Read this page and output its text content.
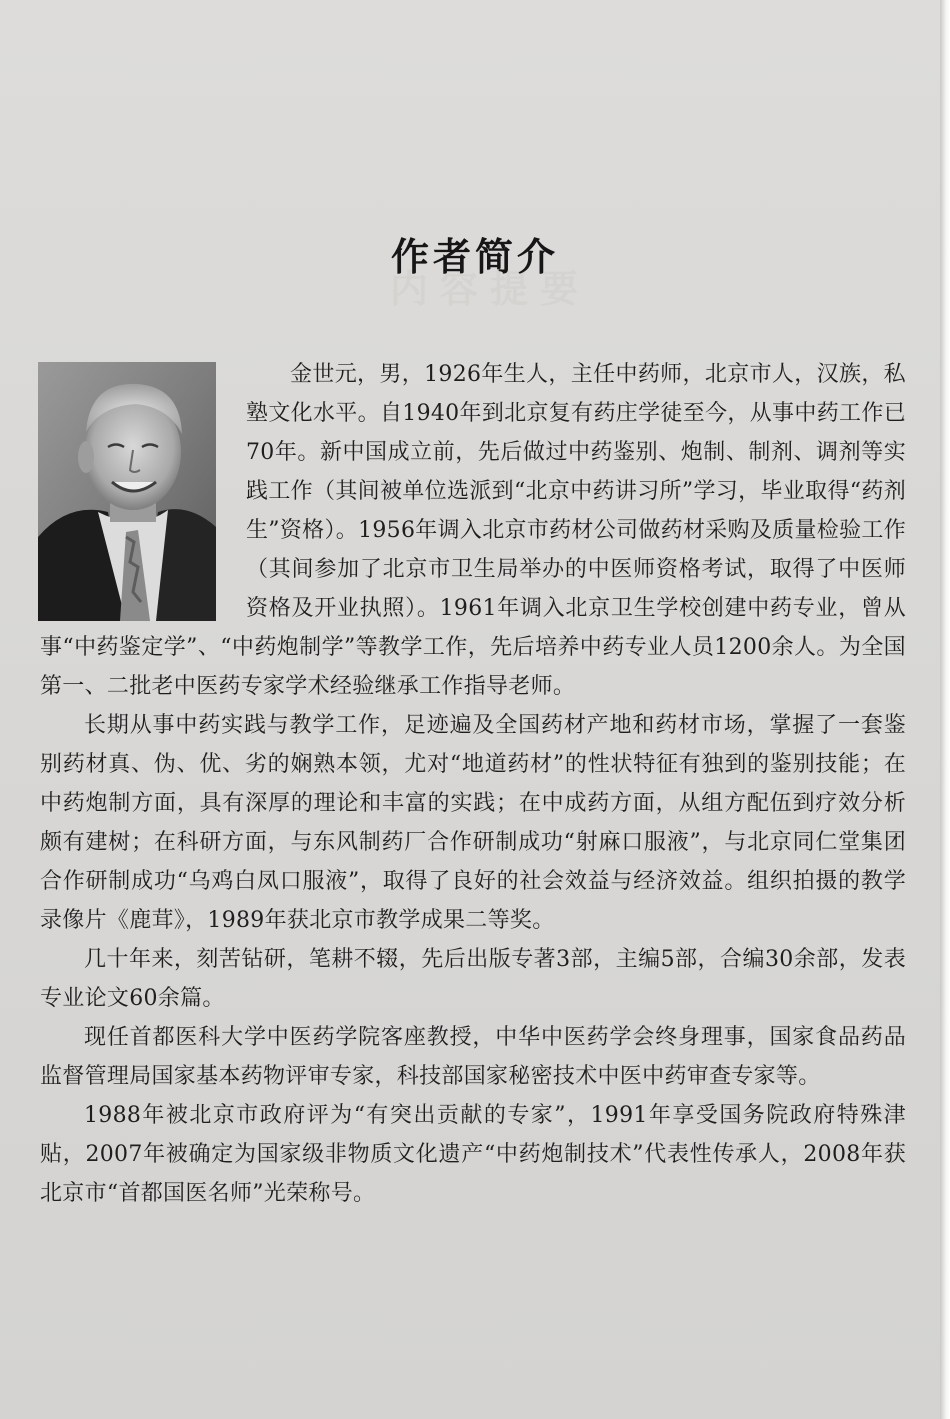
内容提要
作者简介

金世元，男，1926年生人，主任中药师，北京市人，汉族，私塾文化水平。自1940年到北京复有药庄学徒至今，从事中药工作已70年。新中国成立前，先后做过中药鉴别、炮制、制剂、调剂等实践工作（其间被单位选派到“北京中药讲习所”学习，毕业取得“药剂生”资格）。1956年调入北京市药材公司做药材采购及质量检验工作（其间参加了北京市卫生局举办的中医师资格考试，取得了中医师资格及开业执照）。1961年调入北京卫生学校创建中药专业，曾从事“中药鉴定学”、“中药炮制学”等教学工作，先后培养中药专业人员1200余人。为全国第一、二批老中医药专家学术经验继承工作指导老师。

长期从事中药实践与教学工作，足迹遍及全国药材产地和药材市场，掌握了一套鉴别药材真、伪、优、劣的娴熟本领，尤对“地道药材”的性状特征有独到的鉴别技能；在中药炮制方面，具有深厚的理论和丰富的实践；在中成药方面，从组方配伍到疗效分析颇有建树；在科研方面，与东风制药厂合作研制成功“射麻口服液”，与北京同仁堂集团合作研制成功“乌鸡白凤口服液”，取得了良好的社会效益与经济效益。组织拍摄的教学录像片《鹿茸》，1989年获北京市教学成果二等奖。

几十年来，刻苦钻研，笔耕不辍，先后出版专著3部，主编5部，合编30余部，发表专业论文60余篇。

现任首都医科大学中医药学院客座教授，中华中医药学会终身理事，国家食品药品监督管理局国家基本药物评审专家，科技部国家秘密技术中医中药审查专家等。

1988年被北京市政府评为“有突出贡献的专家”，1991年享受国务院政府特殊津贴，2007年被确定为国家级非物质文化遗产“中药炮制技术”代表性传承人，2008年获北京市“首都国医名师”光荣称号。
